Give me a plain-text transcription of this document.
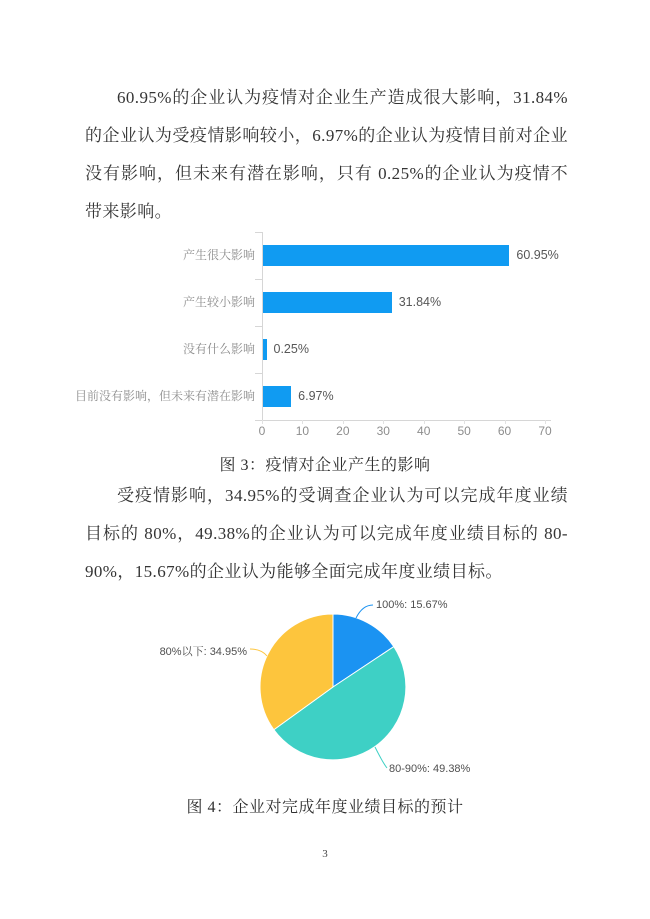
60.95%的企业认为疫情对企业生产造成很大影响，31.84%的企业认为受疫情影响较小，6.97%的企业认为疫情目前对企业没有影响，但未来有潜在影响，只有 0.25%的企业认为疫情不带来影响。

产生很大影响	60.95%
产生较小影响	31.84%
没有什么影响 0.25%
目前没有影响，但未来有潜在影响	6.97%
0	10	20	30	40	50	60	70
图 3：疫情对企业产生的影响

受疫情影响，34.95%的受调查企业认为可以完成年度业绩目标的 80%，49.38%的企业认为可以完成年度业绩目标的 80-90%，15.67%的企业认为能够全面完成年度业绩目标。

100%: 15.67%
80%以下: 34.95%
80-90%: 49.38%
图 4：企业对完成年度业绩目标的预计
3
